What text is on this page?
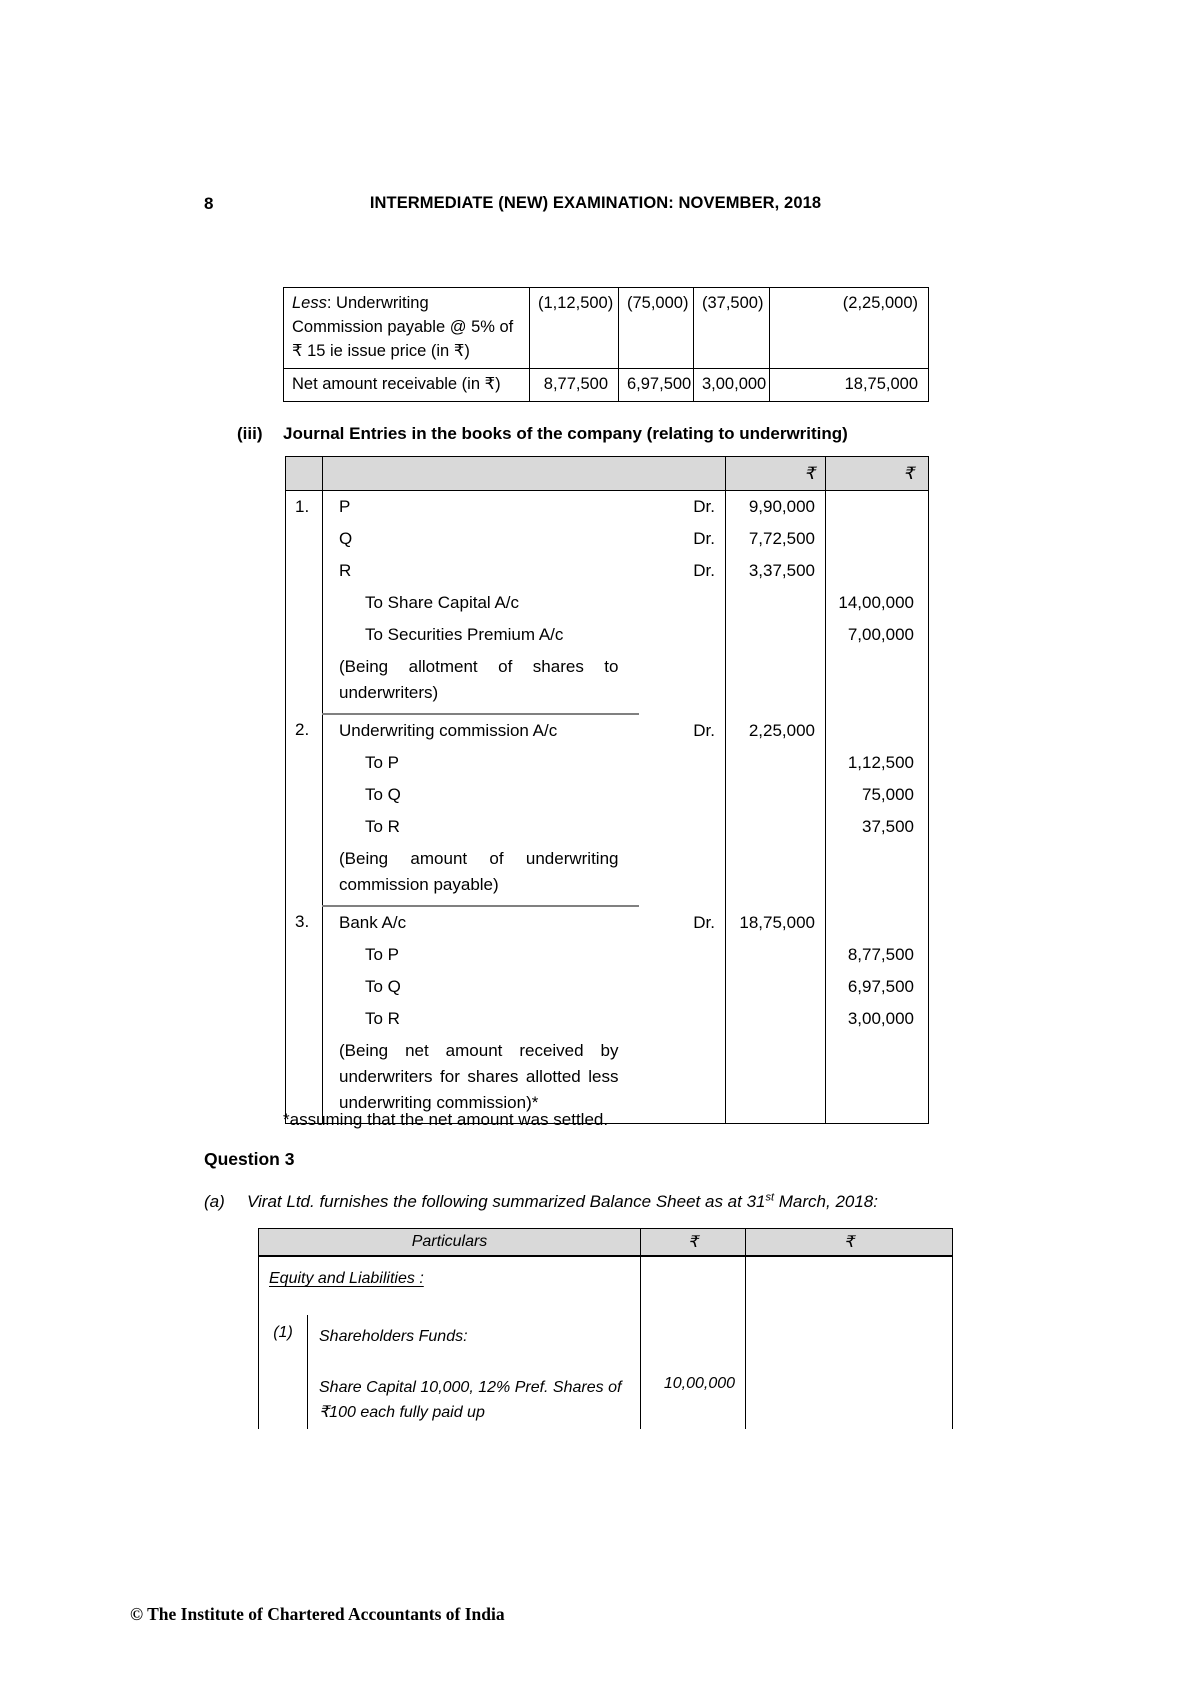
8	INTERMEDIATE (NEW) EXAMINATION: NOVEMBER, 2018
Less: Underwriting Commission payable @ 5% of ₹ 15 ie issue price (in ₹)	(1,12,500)	(75,000)	(37,500)	(2,25,000)
Net amount receivable (in ₹)	8,77,500	6,97,500	3,00,000	18,75,000
(iii) Journal Entries in the books of the company (relating to underwriting)
			₹	₹
1.	P	Dr.	9,90,000	
	Q	Dr.	7,72,500	
	R	Dr.	3,37,500	
	To Share Capital A/c			14,00,000
	To Securities Premium A/c			7,00,000
	(Being allotment of shares to underwriters)			
2.	Underwriting commission A/c	Dr.	2,25,000	
	To P			1,12,500
	To Q			75,000
	To R			37,500
	(Being amount of underwriting commission payable)			
3.	Bank A/c	Dr.	18,75,000	
	To P			8,77,500
	To Q			6,97,500
	To R			3,00,000
	(Being net amount received by underwriters for shares allotted less underwriting commission)*			
*assuming that the net amount was settled.
Question 3
(a) Virat Ltd. furnishes the following summarized Balance Sheet as at 31st March, 2018:
Particulars		₹	₹
Equity and Liabilities :			
(1)	Shareholders Funds:		
	Share Capital 10,000, 12% Pref. Shares of ₹100 each fully paid up	10,00,000	
© The Institute of Chartered Accountants of India
